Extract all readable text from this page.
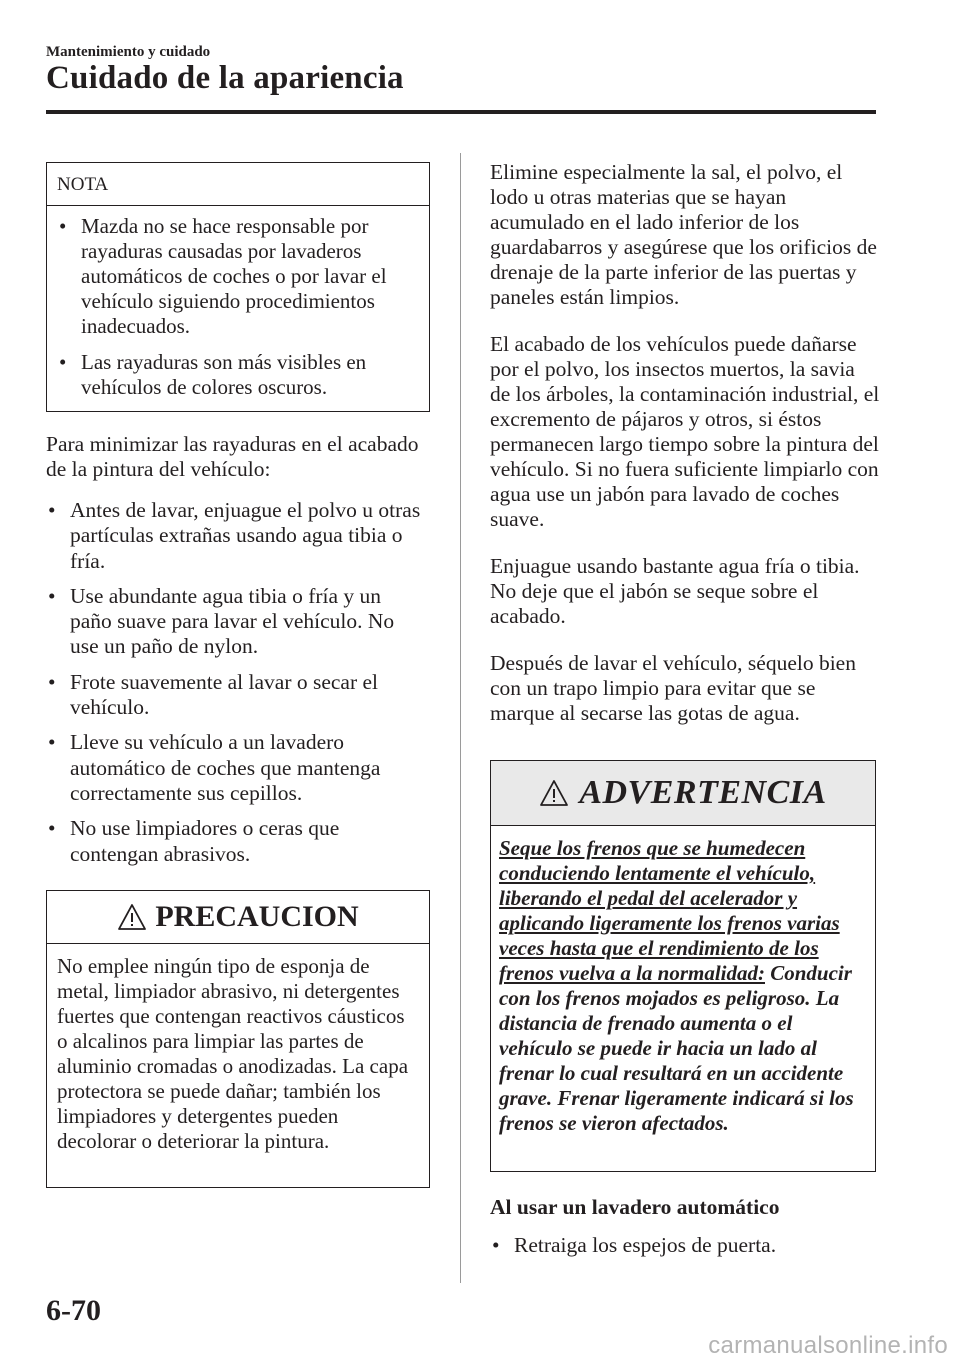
Mantenimiento y cuidado
Cuidado de la apariencia
NOTA
• Mazda no se hace responsable por rayaduras causadas por lavaderos automáticos de coches o por lavar el vehículo siguiendo procedimientos inadecuados.
• Las rayaduras son más visibles en vehículos de colores oscuros.

Para minimizar las rayaduras en el acabado de la pintura del vehículo:

• Antes de lavar, enjuague el polvo u otras partículas extrañas usando agua tibia o fría.
• Use abundante agua tibia o fría y un paño suave para lavar el vehículo. No use un paño de nylon.
• Frote suavemente al lavar o secar el vehículo.
• Lleve su vehículo a un lavadero automático de coches que mantenga correctamente sus cepillos.
• No use limpiadores o ceras que contengan abrasivos.
PRECAUCION
No emplee ningún tipo de esponja de metal, limpiador abrasivo, ni detergentes fuertes que contengan reactivos cáusticos o alcalinos para limpiar las partes de aluminio cromadas o anodizadas. La capa protectora se puede dañar; también los limpiadores y detergentes pueden decolorar o deteriorar la pintura.

Elimine especialmente la sal, el polvo, el lodo u otras materias que se hayan acumulado en el lado inferior de los guardabarros y asegúrese que los orificios de drenaje de la parte inferior de las puertas y paneles están limpios.

El acabado de los vehículos puede dañarse por el polvo, los insectos muertos, la savia de los árboles, la contaminación industrial, el excremento de pájaros y otros, si éstos permanecen largo tiempo sobre la pintura del vehículo. Si no fuera suficiente limpiarlo con agua use un jabón para lavado de coches suave.

Enjuague usando bastante agua fría o tibia. No deje que el jabón se seque sobre el acabado.

Después de lavar el vehículo, séquelo bien con un trapo limpio para evitar que se marque al secarse las gotas de agua.

ADVERTENCIA
Seque los frenos que se humedecen conduciendo lentamente el vehículo, liberando el pedal del acelerador y aplicando ligeramente los frenos varias veces hasta que el rendimiento de los frenos vuelva a la normalidad: Conducir con los frenos mojados es peligroso. La distancia de frenado aumenta o el vehículo se puede ir hacia un lado al frenar lo cual resultará en un accidente grave. Frenar ligeramente indicará si los frenos se vieron afectados.
Al usar un lavadero automático
• Retraiga los espejos de puerta.
6-70
carmanualsonline.info
